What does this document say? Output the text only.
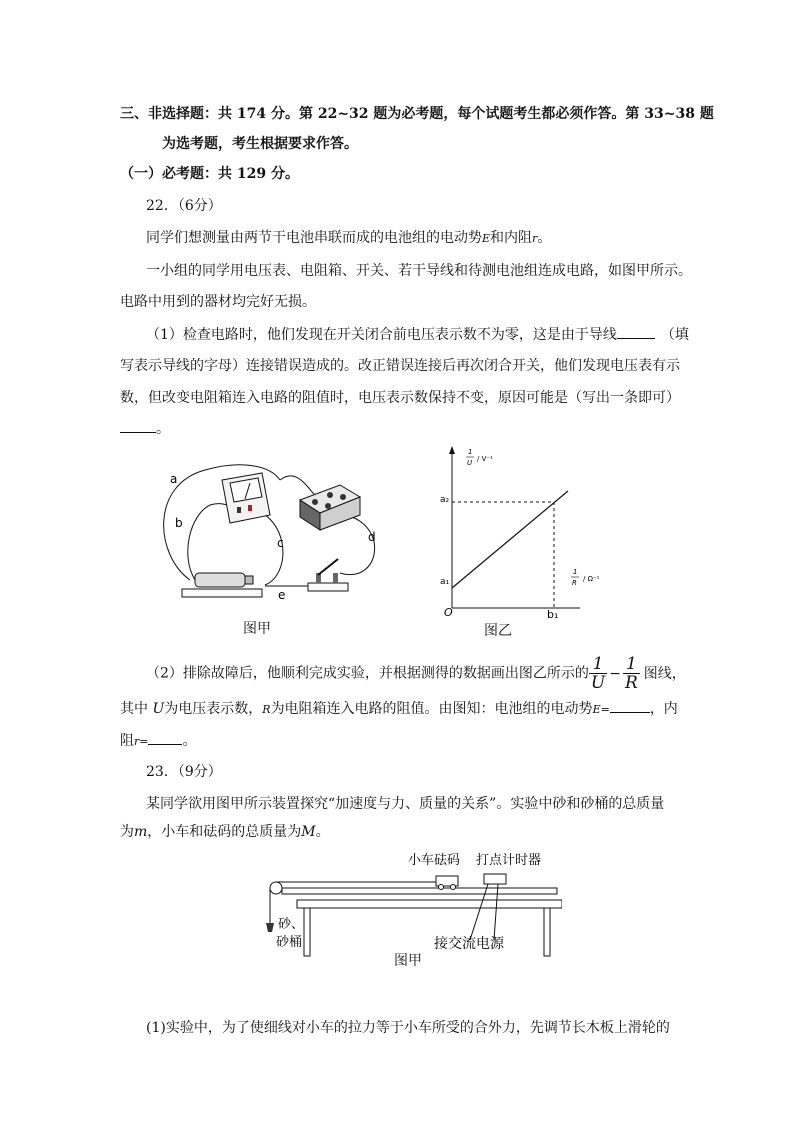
三、非选择题：共 174 分。第 22~32 题为必考题，每个试题考生都必须作答。第 33~38 题
为选考题，考生根据要求作答。
（一）必考题：共 129 分。
22．（6分）
同学们想测量由两节干电池串联而成的电池组的电动势E和内阻r。
一小组的同学用电压表、电阻箱、开关、若干导线和待测电池组连成电路，如图甲所示。
电路中用到的器材均完好无损。
（1）检查电路时，他们发现在开关闭合前电压表示数不为零，这是由于导线	（填
写表示导线的字母）连接错误造成的。改正错误连接后再次闭合开关，他们发现电压表有示
数，但改变电阻箱连入电路的阻值时，电压表示数保持不变，原因可能是（写出一条即可）
。
a
b
c	d
e
图甲
1
U / V⁻¹
a₂
a₁
1
R / Ω⁻¹
O	b₁
图乙
（2）排除故障后，他顺利完成实验，并根据测得的数据画出图乙所示的 $\frac{1}{U} - \frac{1}{R}$ 图线，
其中 U为电压表示数，R为电阻箱连入电路的阻值。由图知：电池组的电动势E=	，内
阻r= 。
23．（9分）
某同学欲用图甲所示装置探究“加速度与力、质量的关系”。实验中砂和砂桶的总质量
为m，小车和砝码的总质量为M。
小车砝码 打点计时器
砂、
砂桶	接交流电源
图甲
(1)实验中，为了使细线对小车的拉力等于小车所受的合外力，先调节长木板上滑轮的
